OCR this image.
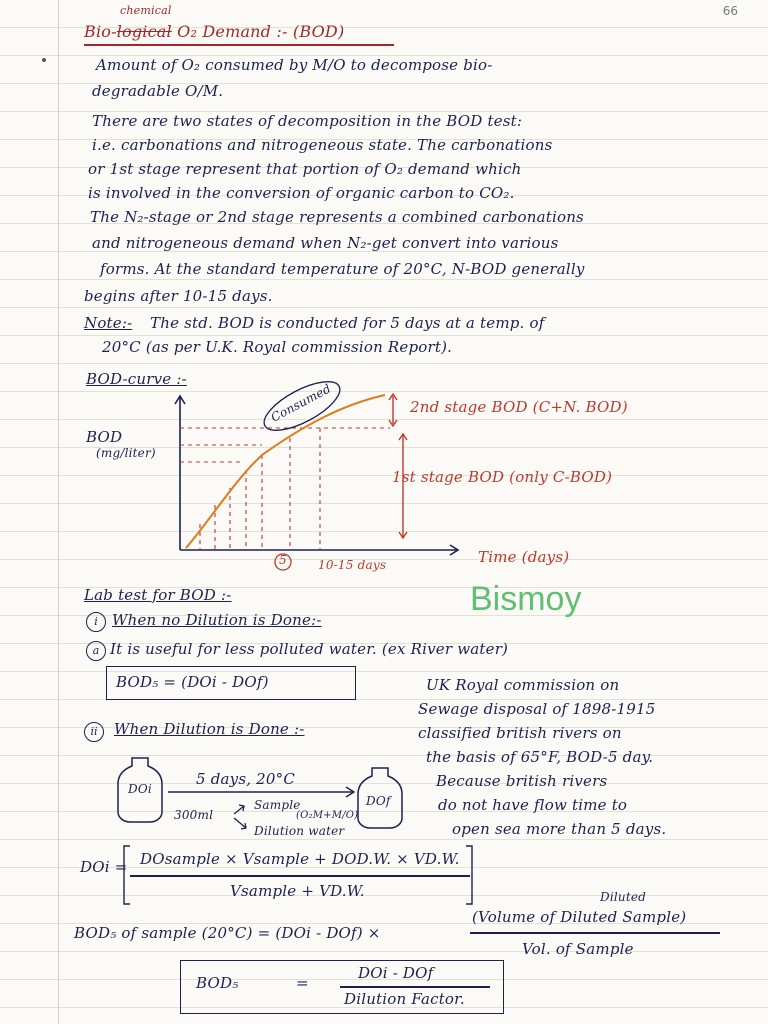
66
chemical
Bio-logical O₂ Demand :- (BOD)
Amount of O₂ consumed by M/O to decompose bio-
degradable O/M.
There are two states of decomposition in the BOD test:
i.e. carbonations and nitrogeneous state. The carbonations
or 1st stage represent that portion of O₂ demand which
is involved in the conversion of organic carbon to CO₂.
The N₂-stage or 2nd stage represents a combined carbonations
and nitrogeneous demand when N₂-get convert into various
forms. At the standard temperature of 20°C, N-BOD generally
begins after 10-15 days.
Note:- The std. BOD is conducted for 5 days at a temp. of
20°C (as per U.K. Royal commission Report).
BOD-curve :-
BOD
(mg/liter)
Consumed	2nd stage BOD (C+N. BOD)
1st stage BOD (only C-BOD)
Time (days)
5	10-15 days
Bismoy
Lab test for BOD :-
i When no Dilution is Done:-
a It is useful for less polluted water. (ex River water)
BOD₅ = (DOi - DOf)
ii	When Dilution is Done :-
UK Royal commission on
Sewage disposal of 1898-1915
classified british rivers on
the basis of 65°F, BOD-5 day.
Because british rivers
do not have flow time to
open sea more than 5 days.
DOi
DOf
5 days, 20°C
300ml
Sample
(O₂M+M/O)
Dilution water
DOi = DOsample × Vsample + DOD.W. × VD.W.
Vsample + VD.W.	Diluted
BOD₅ of sample (20°C) = (DOi - DOf) ×
(Volume of Diluted Sample)
Vol. of Sample
BOD₅	=
DOi - DOf
Dilution Factor.
